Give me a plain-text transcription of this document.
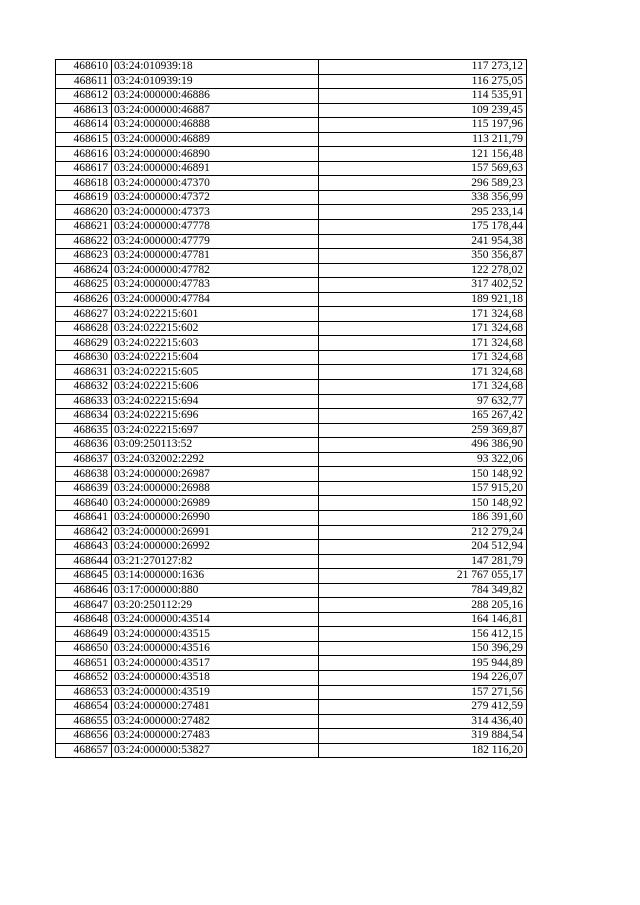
468610	03:24:010939:18	117 273,12
468611	03:24:010939:19	116 275,05
468612	03:24:000000:46886	114 535,91
468613	03:24:000000:46887	109 239,45
468614	03:24:000000:46888	115 197,96
468615	03:24:000000:46889	113 211,79
468616	03:24:000000:46890	121 156,48
468617	03:24:000000:46891	157 569,63
468618	03:24:000000:47370	296 589,23
468619	03:24:000000:47372	338 356,99
468620	03:24:000000:47373	295 233,14
468621	03:24:000000:47778	175 178,44
468622	03:24:000000:47779	241 954,38
468623	03:24:000000:47781	350 356,87
468624	03:24:000000:47782	122 278,02
468625	03:24:000000:47783	317 402,52
468626	03:24:000000:47784	189 921,18
468627	03:24:022215:601	171 324,68
468628	03:24:022215:602	171 324,68
468629	03:24:022215:603	171 324,68
468630	03:24:022215:604	171 324,68
468631	03:24:022215:605	171 324,68
468632	03:24:022215:606	171 324,68
468633	03:24:022215:694	97 632,77
468634	03:24:022215:696	165 267,42
468635	03:24:022215:697	259 369,87
468636	03:09:250113:52	496 386,90
468637	03:24:032002:2292	93 322,06
468638	03:24:000000:26987	150 148,92
468639	03:24:000000:26988	157 915,20
468640	03:24:000000:26989	150 148,92
468641	03:24:000000:26990	186 391,60
468642	03:24:000000:26991	212 279,24
468643	03:24:000000:26992	204 512,94
468644	03:21:270127:82	147 281,79
468645	03:14:000000:1636	21 767 055,17
468646	03:17:000000:880	784 349,82
468647	03:20:250112:29	288 205,16
468648	03:24:000000:43514	164 146,81
468649	03:24:000000:43515	156 412,15
468650	03:24:000000:43516	150 396,29
468651	03:24:000000:43517	195 944,89
468652	03:24:000000:43518	194 226,07
468653	03:24:000000:43519	157 271,56
468654	03:24:000000:27481	279 412,59
468655	03:24:000000:27482	314 436,40
468656	03:24:000000:27483	319 884,54
468657	03:24:000000:53827	182 116,20
